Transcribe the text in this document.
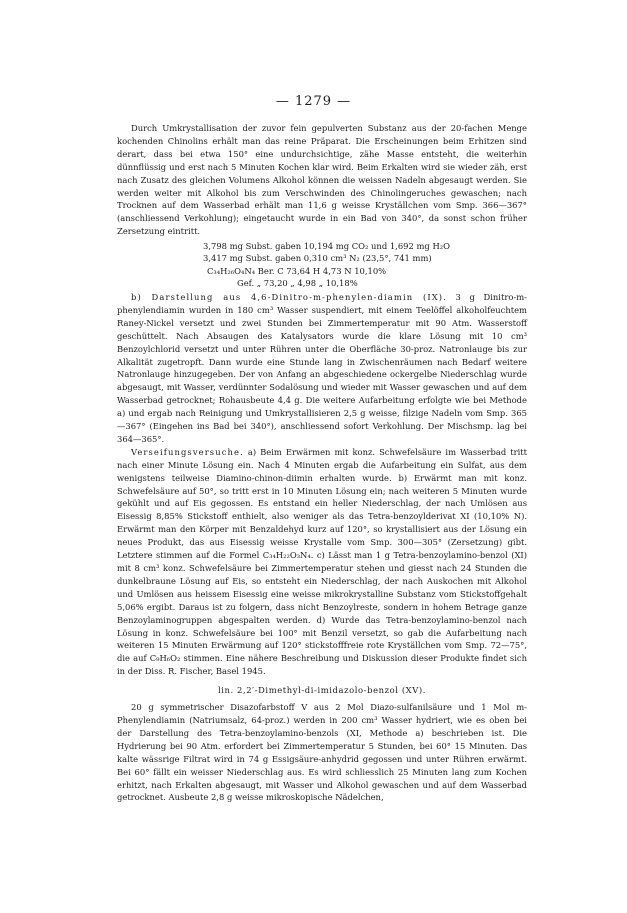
— 1279 —

Durch Umkrystallisation der zuvor fein gepulverten Substanz aus der 20-fachen Menge kochenden Chinolins erhält man das reine Präparat. Die Erscheinungen beim Erhitzen sind derart, dass bei etwa 150° eine undurchsichtige, zähe Masse entsteht, die weiterhin dünnflüssig und erst nach 5 Minuten Kochen klar wird. Beim Erkalten wird sie wieder zäh, erst nach Zusatz des gleichen Volumens Alkohol können die weissen Nadeln abgesaugt werden. Sie werden weiter mit Alkohol bis zum Verschwinden des Chinolingeruches gewaschen; nach Trocknen auf dem Wasserbad erhält man 11,6 g weisse Kryställchen vom Smp. 366—367° (anschliessend Verkohlung); eingetaucht wurde in ein Bad von 340°, da sonst schon früher Zersetzung eintritt.

3,798 mg Subst. gaben 10,194 mg CO₂ und 1,692 mg H₂O
3,417 mg Subst. gaben 0,310 cm³ N₂ (23,5°, 741 mm)
C₃₄H₂₆O₄N₄ Ber. C 73,64 H 4,73 N 10,10%
Gef. „ 73,20 „ 4,98 „ 10,18%

b) Darstellung aus 4,6-Dinitro-m-phenylen-diamin (IX). 3 g Dinitro-m-phenylendiamin wurden in 180 cm³ Wasser suspendiert, mit einem Teelöffel alkoholfeuchtem Raney-Nickel versetzt und zwei Stunden bei Zimmertemperatur mit 90 Atm. Wasserstoff geschüttelt. Nach Absaugen des Katalysators wurde die klare Lösung mit 10 cm³ Benzoylchlorid versetzt und unter Rühren unter die Oberfläche 30-proz. Natronlauge bis zur Alkalität zugetropft. Dann wurde eine Stunde lang in Zwischenräumen nach Bedarf weitere Natronlauge hinzugegeben. Der von Anfang an abgeschiedene ockergelbe Niederschlag wurde abgesaugt, mit Wasser, verdünnter Sodalösung und wieder mit Wasser gewaschen und auf dem Wasserbad getrocknet; Rohausbeute 4,4 g. Die weitere Aufarbeitung erfolgte wie bei Methode a) und ergab nach Reinigung und Umkrystallisieren 2,5 g weisse, filzige Nadeln vom Smp. 365—367° (Eingehen ins Bad bei 340°), anschliessend sofort Verkohlung. Der Mischsmp. lag bei 364—365°.

Verseifungsversuche. a) Beim Erwärmen mit konz. Schwefelsäure im Wasserbad tritt nach einer Minute Lösung ein. Nach 4 Minuten ergab die Aufarbeitung ein Sulfat, aus dem wenigstens teilweise Diamino-chinon-diimin erhalten wurde. b) Erwärmt man mit konz. Schwefelsäure auf 50°, so tritt erst in 10 Minuten Lösung ein; nach weiteren 5 Minuten wurde gekühlt und auf Eis gegossen. Es entstand ein heller Niederschlag, der nach Umlösen aus Eisessig 8,85% Stickstoff enthielt, also weniger als das Tetra-benzoylderivat XI (10,10% N). Erwärmt man den Körper mit Benzaldehyd kurz auf 120°, so krystallisiert aus der Lösung ein neues Produkt, das aus Eisessig weisse Krystalle vom Smp. 300—305° (Zersetzung) gibt. Letztere stimmen auf die Formel C₃₄H₂₂O₃N₄. c) Lässt man 1 g Tetra-benzoylamino-benzol (XI) mit 8 cm³ konz. Schwefelsäure bei Zimmertemperatur stehen und giesst nach 24 Stunden die dunkelbraune Lösung auf Eis, so entsteht ein Niederschlag, der nach Auskochen mit Alkohol und Umlösen aus heissem Eisessig eine weisse mikrokrystalline Substanz vom Stickstoffgehalt 5,06% ergibt. Daraus ist zu folgern, dass nicht Benzoylreste, sondern in hohem Betrage ganze Benzoylaminogruppen abgespalten werden. d) Wurde das Tetra-benzoylamino-benzol nach Lösung in konz. Schwefelsäure bei 100° mit Benzil versetzt, so gab die Aufarbeitung nach weiteren 15 Minuten Erwärmung auf 120° stickstofffreie rote Kryställchen vom Smp. 72—75°, die auf C₉H₆O₂ stimmen. Eine nähere Beschreibung und Diskussion dieser Produkte findet sich in der Diss. R. Fischer, Basel 1945.

lin. 2,2′-Dimethyl-di-imidazolo-benzol (XV).

20 g symmetrischer Disazofarbstoff V aus 2 Mol Diazo-sulfanilsäure und 1 Mol m-Phenylendiamin (Natriumsalz, 64-proz.) werden in 200 cm³ Wasser hydriert, wie es oben bei der Darstellung des Tetra-benzoylamino-benzols (XI, Methode a) beschrieben ist. Die Hydrierung bei 90 Atm. erfordert bei Zimmertemperatur 5 Stunden, bei 60° 15 Minuten. Das kalte wässrige Filtrat wird in 74 g Essigsäure-anhydrid gegossen und unter Rühren erwärmt. Bei 60° fällt ein weisser Niederschlag aus. Es wird schliesslich 25 Minuten lang zum Kochen erhitzt, nach Erkalten abgesaugt, mit Wasser und Alkohol gewaschen und auf dem Wasserbad getrocknet. Ausbeute 2,8 g weisse mikroskopische Nädelchen,
